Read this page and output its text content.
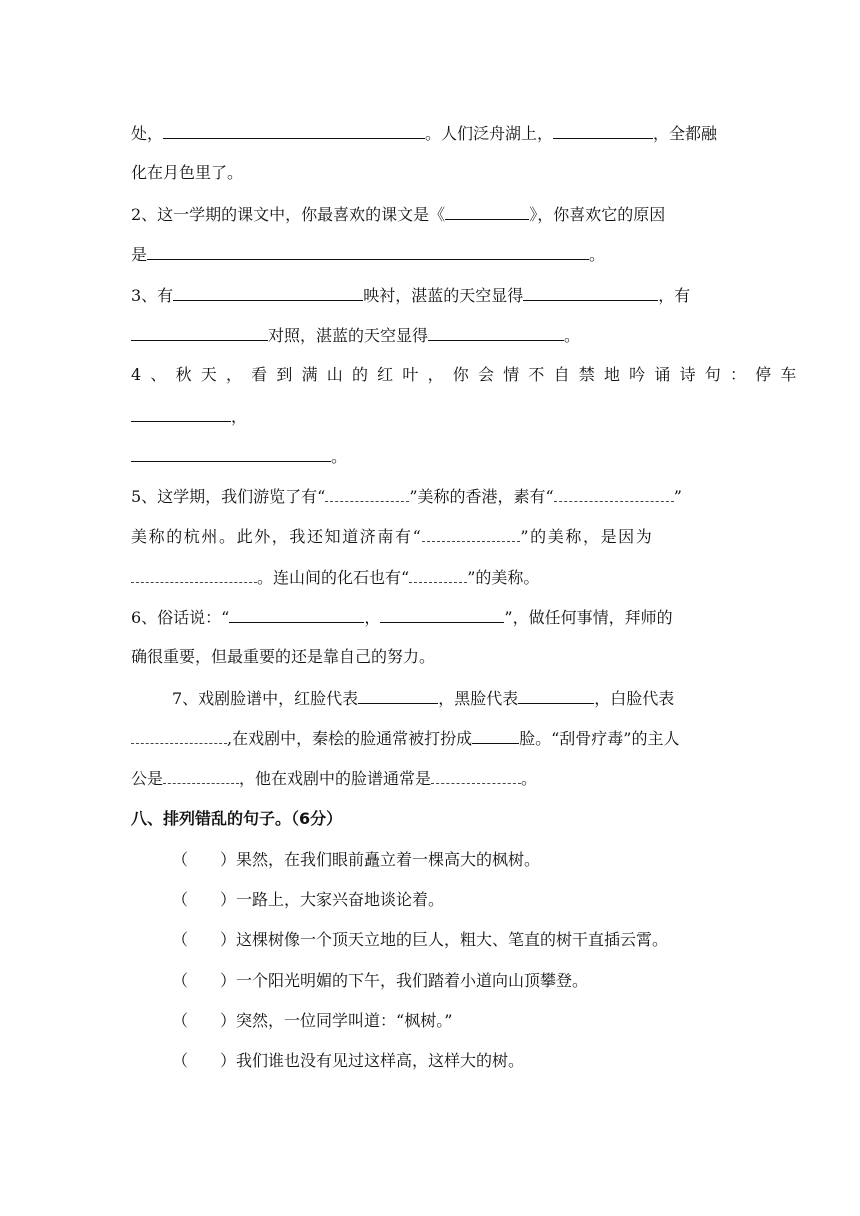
处，	。人们泛舟湖上，	，全都融
化在月色里了。
2、这一学期的课文中，你最喜欢的课文是《	》，你喜欢它的原因
是	。
3、有	映衬，湛蓝的天空显得	，有
对照，湛蓝的天空显得	。
4、秋天，看到满山的红叶，你会情不自禁地吟诵诗句：停车
，
。
5、这学期，我们游览了有“	”美称的香港，素有“	”
美称的杭州。此外，我还知道济南有“	”的美称，是因为
。连山间的化石也有“	”的美称。
6、俗话说：“	，	”，做任何事情，拜师的
确很重要，但最重要的还是靠自己的努力。
7、戏剧脸谱中，红脸代表	，黑脸代表	，白脸代表
,在戏剧中，秦桧的脸通常被打扮成	脸。“刮骨疗毒”的主人
公是	，他在戏剧中的脸谱通常是	。
八、排列错乱的句子。（6分）
（ ）果然，在我们眼前矗立着一棵高大的枫树。
（ ）一路上，大家兴奋地谈论着。
（ ）这棵树像一个顶天立地的巨人，粗大、笔直的树干直插云霄。
（ ）一个阳光明媚的下午，我们踏着小道向山顶攀登。
（ ）突然，一位同学叫道：“枫树。”
（ ）我们谁也没有见过这样高，这样大的树。
